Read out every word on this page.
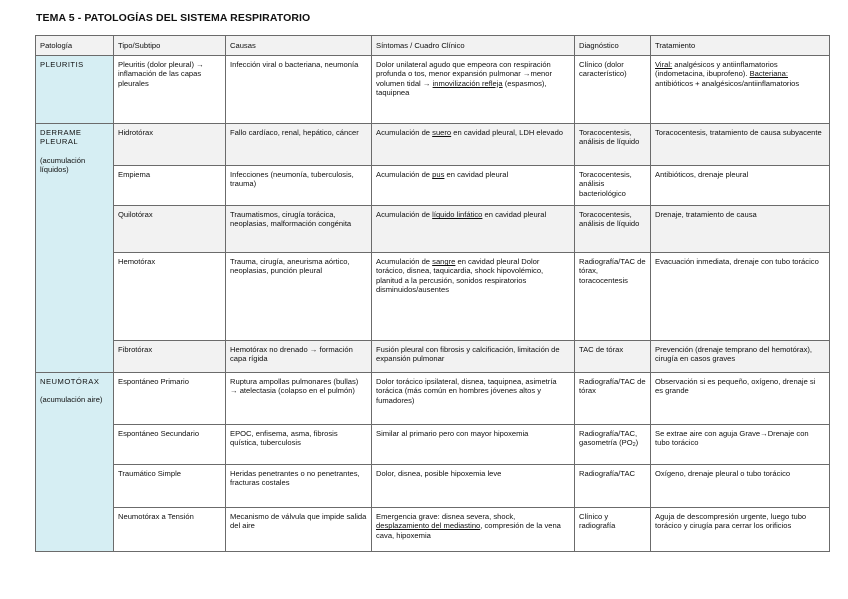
TEMA 5 - PATOLOGÍAS DEL SISTEMA RESPIRATORIO
Patología	Tipo/Subtipo	Causas	Síntomas / Cuadro Clínico	Diagnóstico	Tratamiento

PLEURITIS	Pleuritis (dolor pleural) → inflamación de las capas pleurales	Infección viral o bacteriana, neumonía	Dolor unilateral agudo que empeora con respiración profunda o tos, menor expansión pulmonar →menor volumen tidal → inmovilización refleja (espasmos), taquipnea	Clínico (dolor característico)	Viral: analgésicos y antiinflamatorios (indometacina, ibuprofeno). Bacteriana: antibióticos + analgésicos/antiinflamatorios

DERRAME PLEURAL
(acumulación líquidos)	Hidrotórax	Fallo cardíaco, renal, hepático, cáncer	Acumulación de suero en cavidad pleural, LDH elevado	Toracocentesis, análisis de líquido	Toracocentesis, tratamiento de causa subyacente
	Empiema	Infecciones (neumonía, tuberculosis, trauma)	Acumulación de pus en cavidad pleural	Toracocentesis, análisis bacteriológico	Antibióticos, drenaje pleural
	Quilotórax	Traumatismos, cirugía torácica, neoplasias, malformación congénita	Acumulación de líquido linfático en cavidad pleural	Toracocentesis, análisis de líquido	Drenaje, tratamiento de causa
	Hemotórax	Trauma, cirugía, aneurisma aórtico, neoplasias, punción pleural	Acumulación de sangre en cavidad pleural Dolor torácico, disnea, taquicardia, shock hipovolémico, planitud a la percusión, sonidos respiratorios disminuidos/ausentes	Radiografía/TAC de tórax, toracocentesis	Evacuación inmediata, drenaje con tubo torácico
	Fibrotórax	Hemotórax no drenado → formación capa rígida	Fusión pleural con fibrosis y calcificación, limitación de expansión pulmonar	TAC de tórax	Prevención (drenaje temprano del hemotórax), cirugía en casos graves

NEUMOTÓRAX
(acumulación aire)	Espontáneo Primario	Ruptura ampollas pulmonares (bullas) → atelectasia (colapso en el pulmón)	Dolor torácico ipsilateral, disnea, taquipnea, asimetría torácica (más común en hombres jóvenes altos y fumadores)	Radiografía/TAC de tórax	Observación si es pequeño, oxígeno, drenaje si es grande
	Espontáneo Secundario	EPOC, enfisema, asma, fibrosis quística, tuberculosis	Similar al primario pero con mayor hipoxemia	Radiografía/TAC, gasometría (PO2)	Se extrae aire con aguja Grave→Drenaje con tubo torácico
	Traumático Simple	Heridas penetrantes o no penetrantes, fracturas costales	Dolor, disnea, posible hipoxemia leve	Radiografía/TAC	Oxígeno, drenaje pleural o tubo torácico
	Neumotórax a Tensión	Mecanismo de válvula que impide salida del aire	Emergencia grave: disnea severa, shock, desplazamiento del mediastino, compresión de la vena cava, hipoxemia	Clínico y radiografía	Aguja de descompresión urgente, luego tubo torácico y cirugía para cerrar los orificios
